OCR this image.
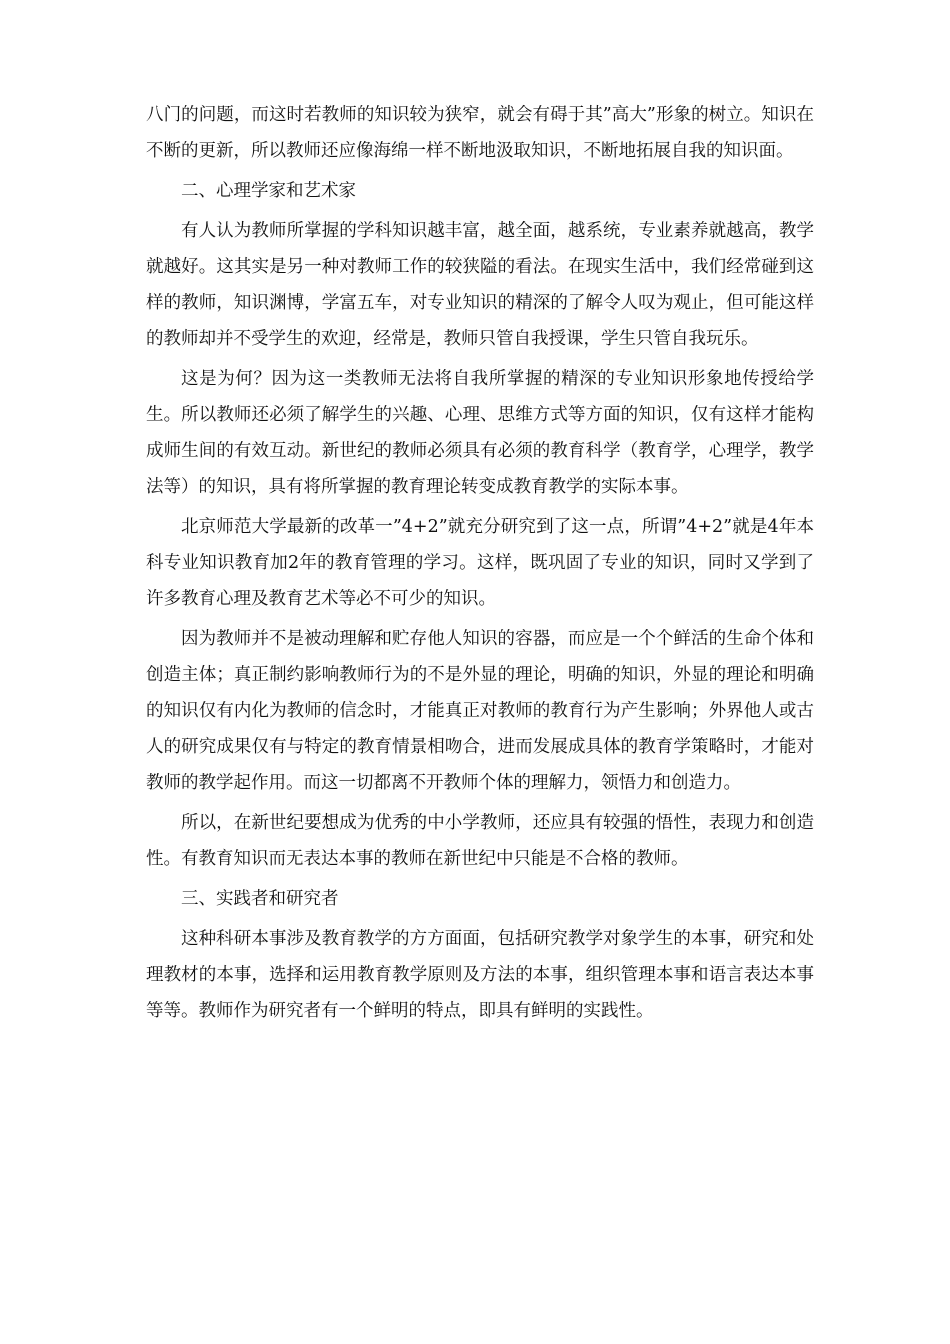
八门的问题，而这时若教师的知识较为狭窄，就会有碍于其”高大”形象的树立。知识在不断的更新，所以教师还应像海绵一样不断地汲取知识，不断地拓展自我的知识面。

二、心理学家和艺术家

有人认为教师所掌握的学科知识越丰富，越全面，越系统，专业素养就越高，教学就越好。这其实是另一种对教师工作的较狭隘的看法。在现实生活中，我们经常碰到这样的教师，知识渊博，学富五车，对专业知识的精深的了解令人叹为观止，但可能这样的教师却并不受学生的欢迎，经常是，教师只管自我授课，学生只管自我玩乐。

这是为何？因为这一类教师无法将自我所掌握的精深的专业知识形象地传授给学生。所以教师还必须了解学生的兴趣、心理、思维方式等方面的知识，仅有这样才能构成师生间的有效互动。新世纪的教师必须具有必须的教育科学（教育学，心理学，教学法等）的知识，具有将所掌握的教育理论转变成教育教学的实际本事。

北京师范大学最新的改革一”4+2”就充分研究到了这一点，所谓”4+2”就是4年本科专业知识教育加2年的教育管理的学习。这样，既巩固了专业的知识，同时又学到了许多教育心理及教育艺术等必不可少的知识。

因为教师并不是被动理解和贮存他人知识的容器，而应是一个个鲜活的生命个体和创造主体；真正制约影响教师行为的不是外显的理论，明确的知识，外显的理论和明确的知识仅有内化为教师的信念时，才能真正对教师的教育行为产生影响；外界他人或古人的研究成果仅有与特定的教育情景相吻合，进而发展成具体的教育学策略时，才能对教师的教学起作用。而这一切都离不开教师个体的理解力，领悟力和创造力。

所以，在新世纪要想成为优秀的中小学教师，还应具有较强的悟性，表现力和创造性。有教育知识而无表达本事的教师在新世纪中只能是不合格的教师。

三、实践者和研究者

这种科研本事涉及教育教学的方方面面，包括研究教学对象学生的本事，研究和处理教材的本事，选择和运用教育教学原则及方法的本事，组织管理本事和语言表达本事等等。教师作为研究者有一个鲜明的特点，即具有鲜明的实践性。
